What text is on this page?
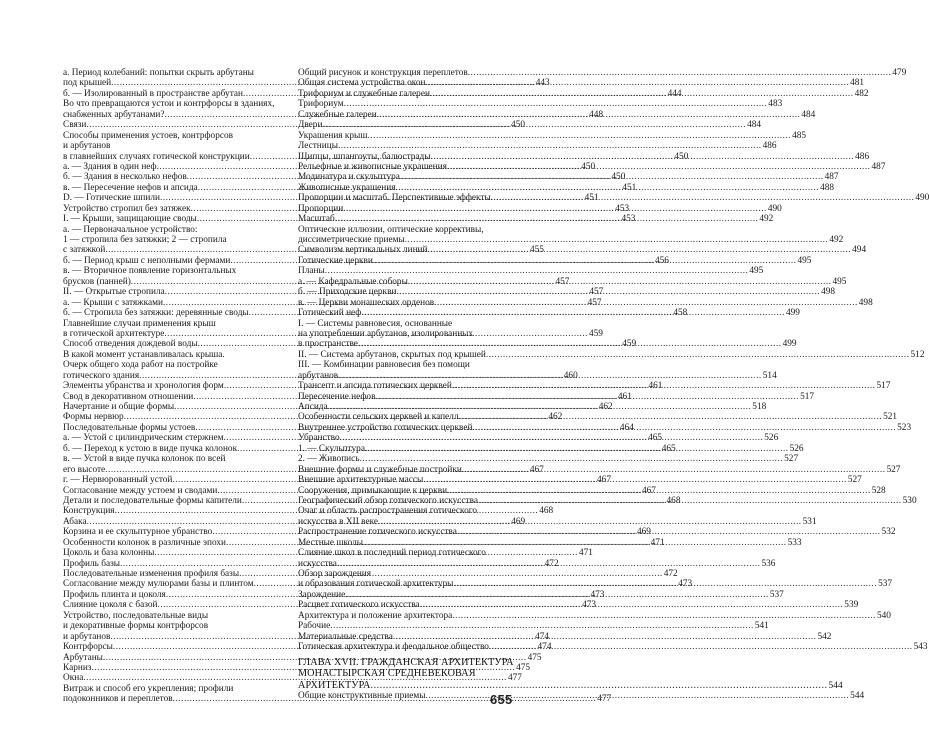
а. Период колебаний: попытки скрыть арбутаны
под крышей .....	443
б. — Изолированный в пространстве арбутан .....	444
Во что превращаются устои и контрфорсы в зданиях,
снабженных арбутанами? .....	448
Связи .....	450
Способы применения устоев, контрфорсов
и арбутанов
в главнейших случаях готической конструкции .....	450
а. — Здания в один неф .....	450
б. — Здания в несколько нефов .....	450
в. — Пересечение нефов и апсида .....	451
D. — Готические шпили .....	451
Устройство стропил без затяжек .....	453
I. — Крыши, защищающие своды .....	453
а. — Первоначальное устройство:
1 — стропила без затяжки; 2 — стропила
с затяжкой .....	455
б. — Период крыш с неполными фермами .....	456
в. — Вторичное появление горизонтальных
брусков (панней) .....	457
II. — Открытые стропила .....	457
а. — Крыши с затяжками .....	457
б. — Стропила без затяжки: деревянные своды .....	458
Главнейшие случаи применения крыш
в готической архитектуре .....	459
Способ отведения дождевой воды .....	459
В какой момент устанавливалась крыша.
Очерк общего хода работ на постройке
готического здания .....	460
Элементы убранства и хронология форм .....	461
Свод в декоративном отношении .....	461
Начертание и общие формы .....	462
Формы нервюр .....	462
Последовательные формы устоев .....	464
а. — Устой с цилиндрическим стержнем .....	465
б. — Переход к устою в виде пучка колонок .....	465
в. — Устой в виде пучка колонок по всей
его высоте .....	467
г. — Нервюрованный устой .....	467
Согласование между устоем и сводами .....	467
Детали и последовательные формы капители .....	468
Конструкция .....	468
Абака .....	469
Корзина и ее скульптурное убранство .....	469
Особенности колонок в различные эпохи .....	471
Цоколь и база колонны .....	471
Профиль базы .....	472
Последовательные изменения профиля базы .....	472
Согласование между мулюрами базы и плинтом .....	473
Профиль плинта и цоколя .....	473
Слияние цоколя с базой .....	473
Устройство, последовательные виды
и декоративные формы контрфорсов
и арбутанов .....	474
Контрфорсы .....	474
Арбутаны .....	475
Карниз .....	475
Окна .....	477
Витраж и способ его укрепления; профили
подоконников и переплетов .....	477
Общий рисунок и конструкция переплетов .....	479
Общая система устройства окон .....	481
Трифориум и служебные галереи .....	482
Трифориум .....	483
Служебные галереи .....	484
Двери .....	484
Украшения крыш .....	485
Лестницы .....	486
Щипцы, шпангоуты, балюстрады .....	486
Рельефные и живописные украшения .....	487
Модинатура и скульптура .....	487
Живописные украшения .....	488
Пропорции и масштаб. Перспективные эффекты .....	490
Пропорции .....	490
Масштаб .....	492
Оптические иллюзии, оптические коррективы,
диссиметрические приемы .....	492
Символизм вертикальных линий .....	494
Готические церкви .....	495
Планы .....	495
а. — Кафедральные соборы .....	495
б. — Приходские церкви .....	498
в. — Церкви монашеских орденов .....	498
Готический неф .....	499
I. — Системы равновесия, основанные
на употреблении арбутанов, изолированных
в пространстве .....	499
II. — Система арбутанов, скрытых под крышей .....	512
III. — Комбинации равновесия без помощи
арбутанов .....	514
Трансепт и апсида готических церквей .....	517
Пересечение нефов .....	517
Апсида .....	518
Особенности сельских церквей и капелл .....	521
Внутреннее устройство готических церквей .....	523
Убранство .....	526
1. — Скульптура .....	526
2. — Живопись .....	527
Внешние формы и служебные постройки .....	527
Внешние архитектурные массы .....	527
Сооружения, примыкающие к церкви .....	528
Географический обзор готического искусства .....	530
Очаг и область распространения готического
искусства в XII веке .....	531
Распространение готического искусства .....	532
Местные школы .....	533
Слияние школ в последний период готического
искусства .....	536
Обзор зарождения
и образования готической архитектуры .....	537
Зарождение .....	537
Расцвет готического искусства .....	539
Архитектура и положение архитектора .....	540
Рабочие .....	541
Материальные средства .....	542
Готическая архитектура и феодальное общество .....	543
ГЛАВА XVII. ГРАЖДАНСКАЯ АРХИТЕКТУРА
МОНАСТЫРСКАЯ СРЕДНЕВЕКОВАЯ
АРХИТЕКТУРА .....	544
Общие конструктивные приемы .....	544
655
